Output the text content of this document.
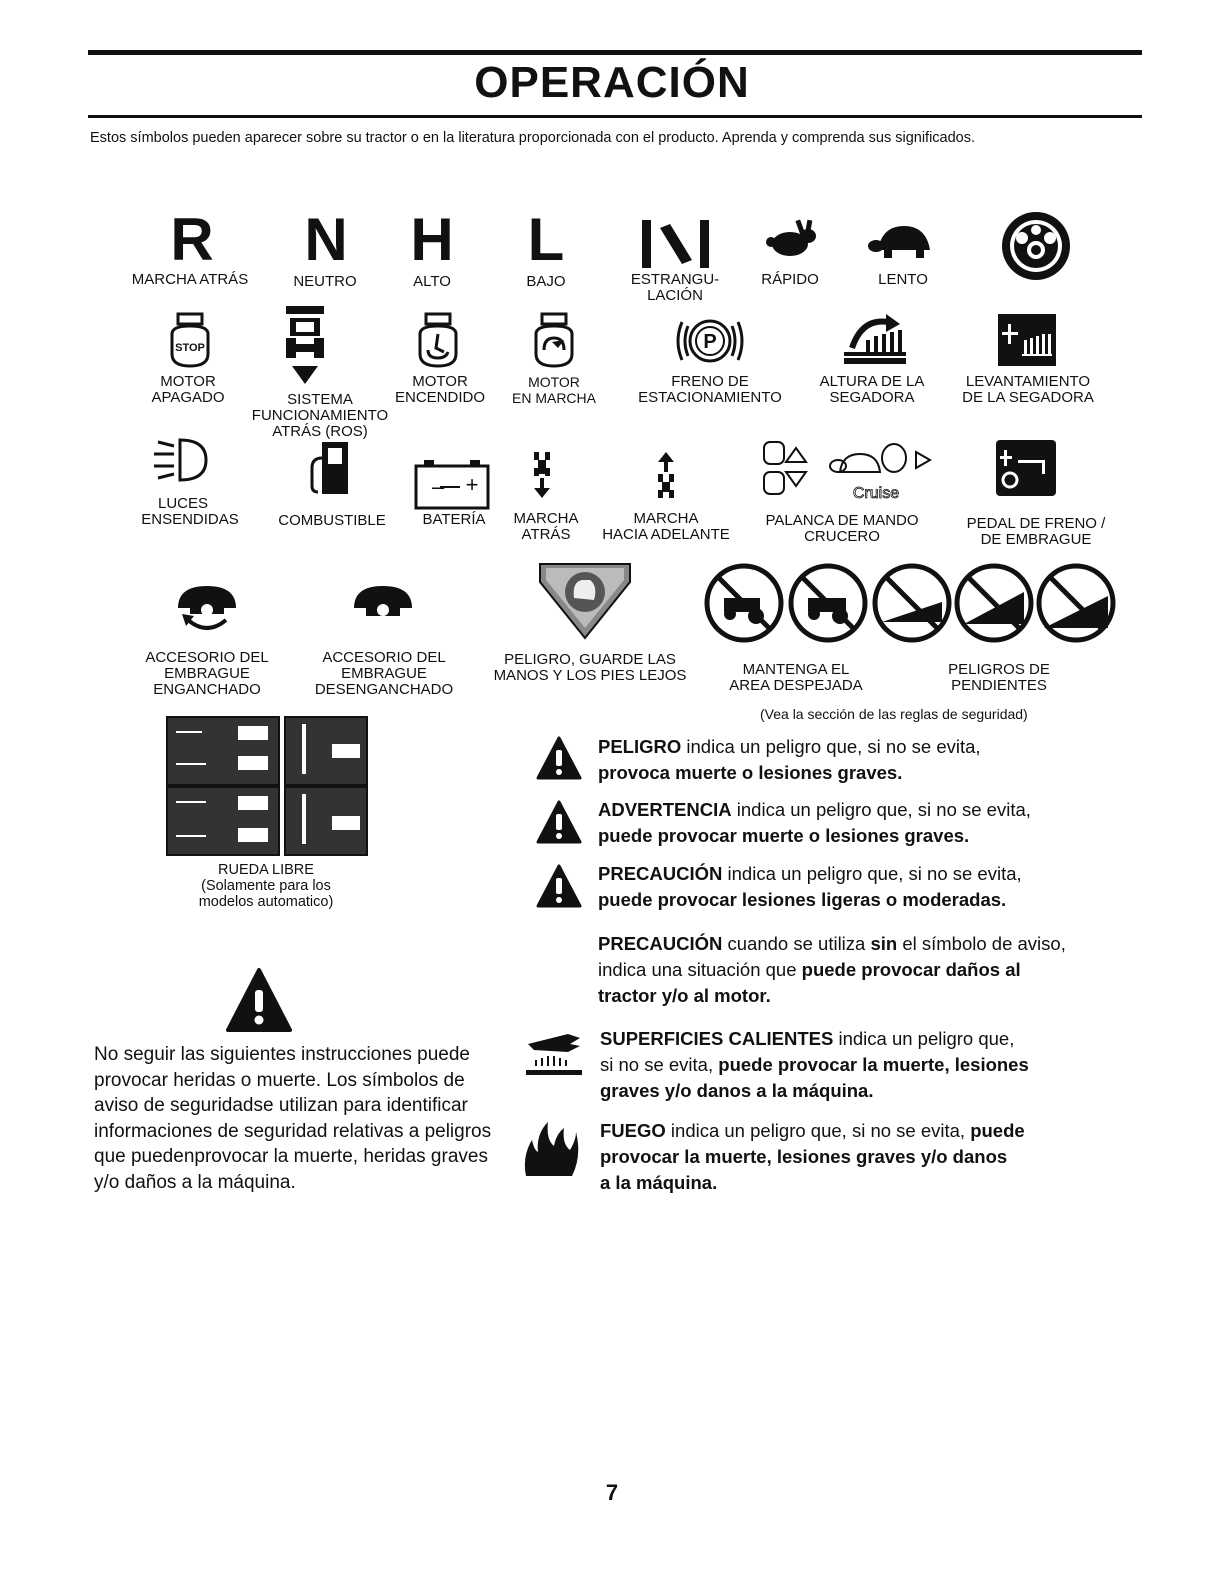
OPERACIÓN
Estos símbolos pueden aparecer sobre su tractor o en la literatura proporcionada con el producto. Aprenda y comprenda sus significados.
R
MARCHA ATRÁS
N
NEUTRO
H
ALTO
L
BAJO	ESTRANGU-
LACIÓN
RÁPIDO	LENTO
STOP
MOTOR
APAGADO	SISTEMA
FUNCIONAMIENTO
ATRÁS (ROS)
MOTOR
ENCENDIDO
MOTOR
EN MARCHA
P
FRENO DE
ESTACIONAMIENTO
ALTURA DE LA
SEGADORA
LEVANTAMIENTO
DE LA SEGADORA
LUCES
ENSENDIDAS	COMBUSTIBLE
– +
BATERÍA	MARCHA
ATRÁS
MARCHA
HACIA ADELANTE
Cruise
PALANCA DE MANDO
CRUCERO
PEDAL DE FRENO /
DE EMBRAGUE
ACCESORIO DEL
EMBRAGUE
ENGANCHADO
ACCESORIO DEL
EMBRAGUE
DESENGANCHADO
PELIGRO, GUARDE LAS
MANOS Y LOS PIES LEJOS	MANTENGA EL
AREA DESPEJADA
PELIGROS DE
PENDIENTES
(Vea la sección de las reglas de seguridad)
RUEDA LIBRE
(Solamente para los
modelos automatico)
No seguir las siguientes instrucciones puede provocar heridas o muerte. Los símbolos de aviso de seguridadse utilizan para identificar informaciones de seguridad relativas a peligros que puedenprovocar la muerte, heridas graves y/o daños a la máquina.
PELIGRO indica un peligro que, si no se evita,
provoca muerte o lesiones graves.
ADVERTENCIA indica un peligro que, si no se evita,
puede provocar muerte o lesiones graves.
PRECAUCIÓN indica un peligro que, si no se evita,
puede provocar lesiones ligeras o moderadas.
PRECAUCIÓN cuando se utiliza sin el símbolo de aviso,
indica una situación que puede provocar daños al
tractor y/o al motor.
SUPERFICIES CALIENTES indica un peligro que,
si no se evita, puede provocar la muerte, lesiones
graves y/o danos a la máquina.
FUEGO indica un peligro que, si no se evita, puede
provocar la muerte, lesiones graves y/o danos
a la máquina.
7
